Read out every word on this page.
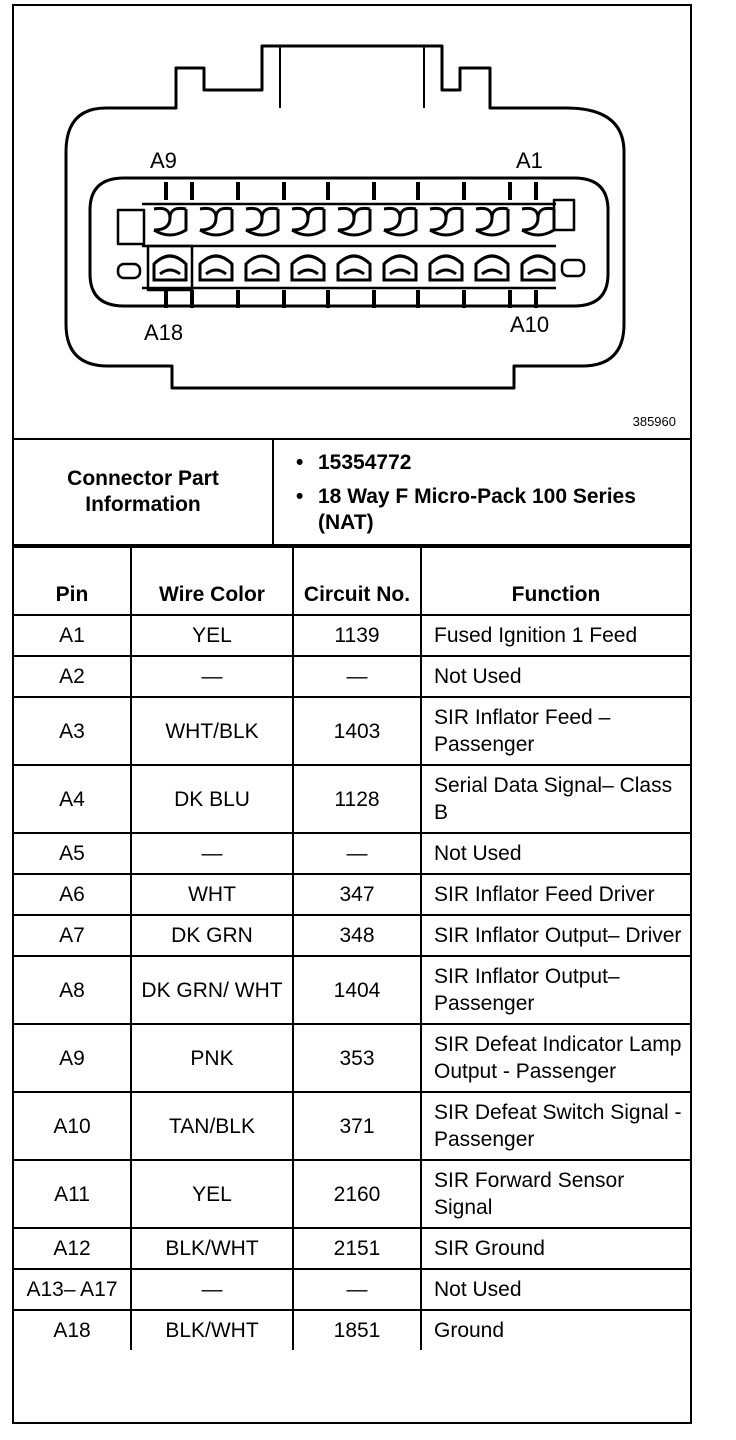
A9	A1
A18	A10
385960
Connector Part Information
• 15354772
• 18 Way F Micro-Pack 100 Series (NAT)
Pin	Wire Color	Circuit No.	Function
A1	YEL	1139	Fused Ignition 1 Feed
A2	—	—	Not Used
A3	WHT/BLK	1403	SIR Inflator Feed –Passenger
A4	DK BLU	1128	Serial Data Signal– Class B
A5	—	—	Not Used
A6	WHT	347	SIR Inflator Feed Driver
A7	DK GRN	348	SIR Inflator Output– Driver
A8	DK GRN/ WHT	1404	SIR Inflator Output– Passenger
A9	PNK	353	SIR Defeat Indicator Lamp Output - Passenger
A10	TAN/BLK	371	SIR Defeat Switch Signal - Passenger
A11	YEL	2160	SIR Forward Sensor Signal
A12	BLK/WHT	2151	SIR Ground
A13– A17	—	—	Not Used
A18	BLK/WHT	1851	Ground
